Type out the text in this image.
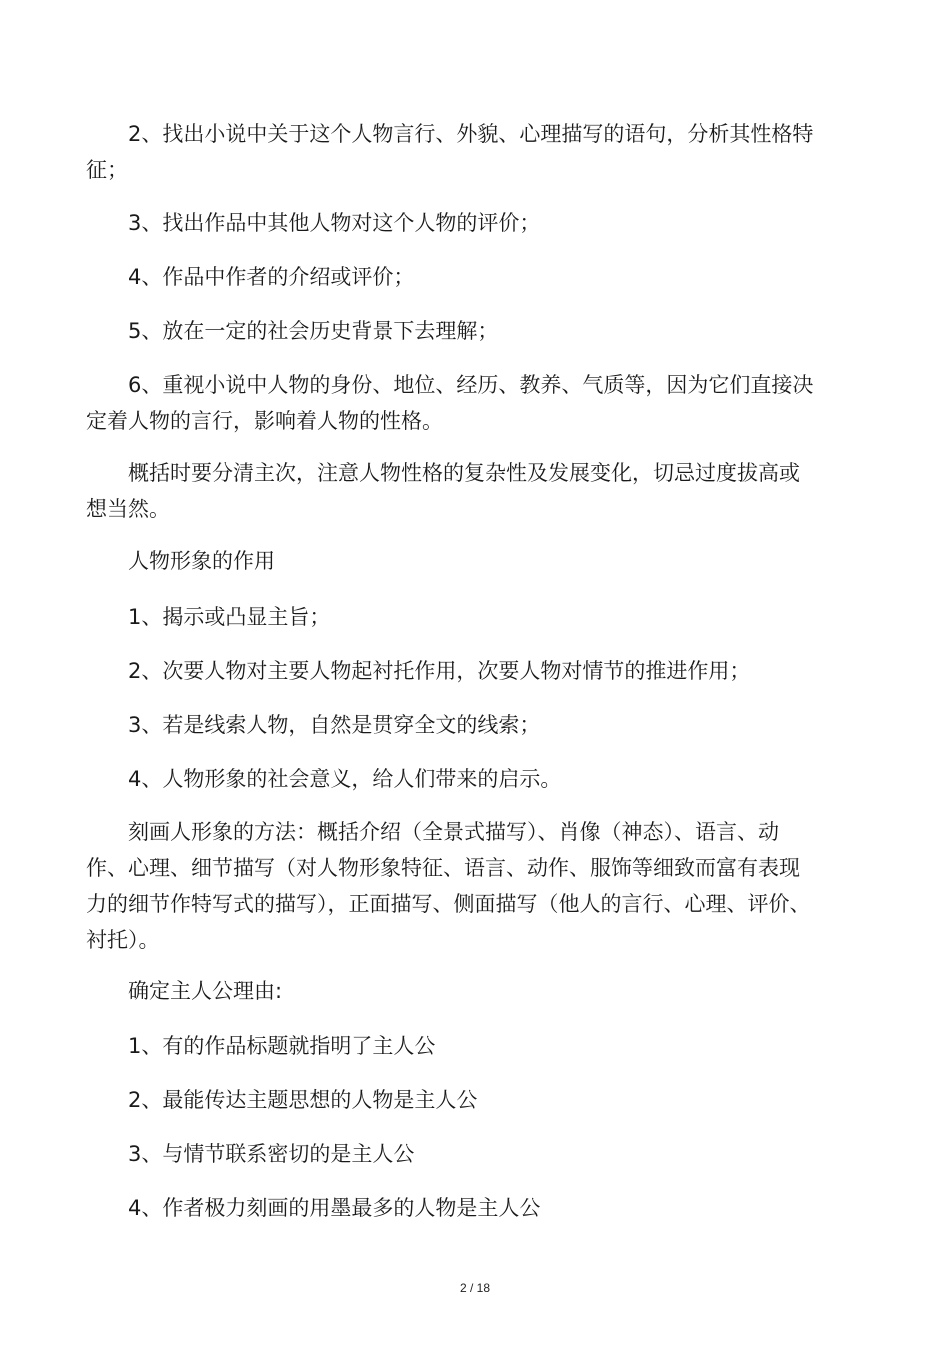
2、找出小说中关于这个人物言行、外貌、心理描写的语句，分析其性格特征；

3、找出作品中其他人物对这个人物的评价；

4、作品中作者的介绍或评价；

5、放在一定的社会历史背景下去理解；

6、重视小说中人物的身份、地位、经历、教养、气质等，因为它们直接决定着人物的言行，影响着人物的性格。

概括时要分清主次，注意人物性格的复杂性及发展变化，切忌过度拔高或想当然。

人物形象的作用

1、揭示或凸显主旨；

2、次要人物对主要人物起衬托作用，次要人物对情节的推进作用；

3、若是线索人物，自然是贯穿全文的线索；

4、人物形象的社会意义，给人们带来的启示。

刻画人形象的方法：概括介绍（全景式描写）、肖像（神态）、语言、动作、心理、细节描写（对人物形象特征、语言、动作、服饰等细致而富有表现力的细节作特写式的描写），正面描写、侧面描写（他人的言行、心理、评价、衬托）。

确定主人公理由:

1、有的作品标题就指明了主人公

2、最能传达主题思想的人物是主人公

3、与情节联系密切的是主人公

4、作者极力刻画的用墨最多的人物是主人公

2 / 18
